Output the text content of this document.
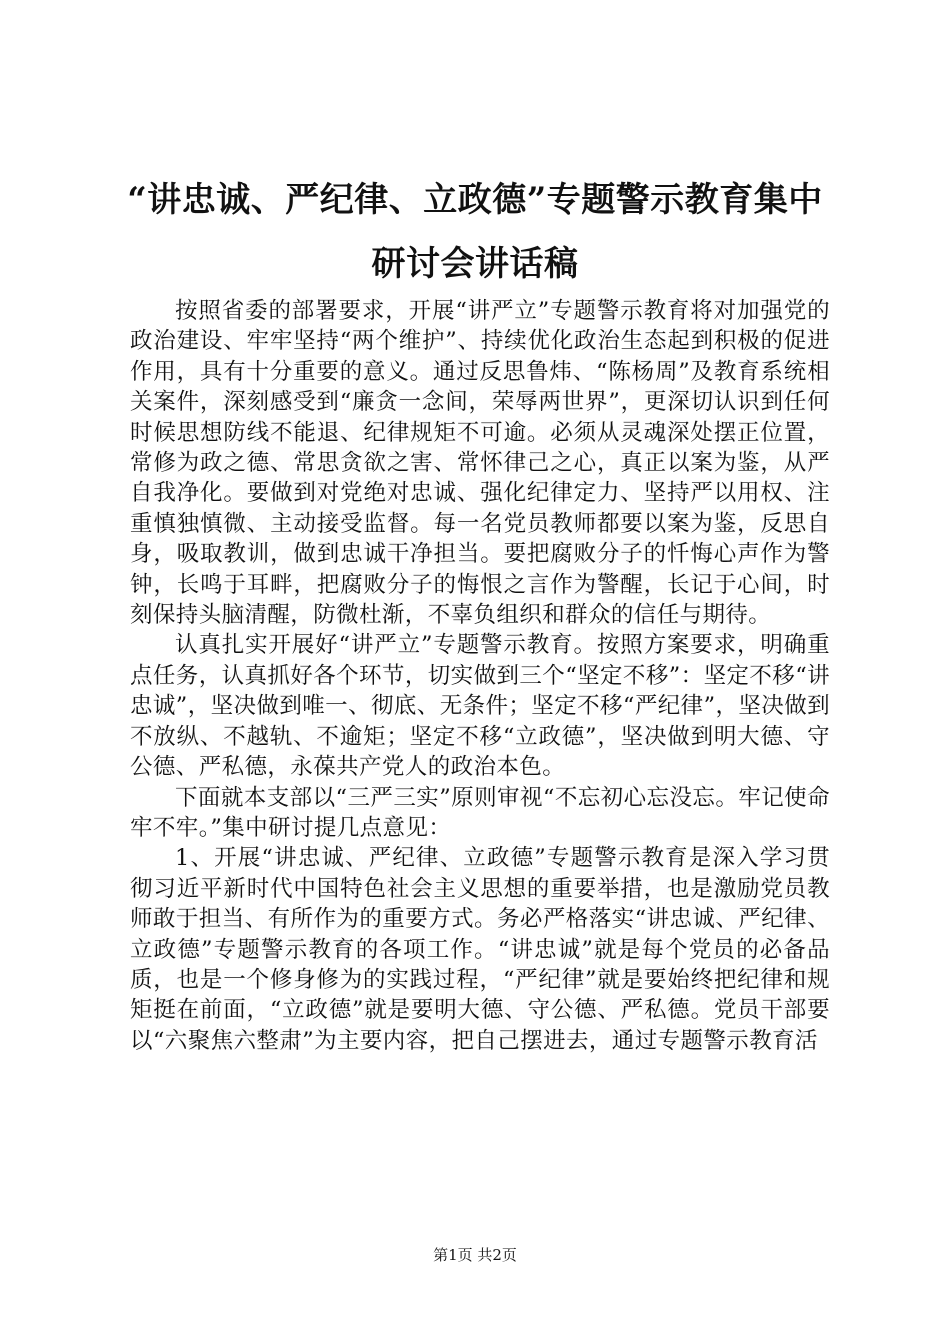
“讲忠诚、严纪律、立政德”专题警示教育集中研讨会讲话稿

按照省委的部署要求，开展“讲严立”专题警示教育将对加强党的政治建设、牢牢坚持“两个维护”、持续优化政治生态起到积极的促进作用，具有十分重要的意义。通过反思鲁炜、“陈杨周”及教育系统相关案件，深刻感受到“廉贪一念间，荣辱两世界”，更深切认识到任何时候思想防线不能退、纪律规矩不可逾。必须从灵魂深处摆正位置，常修为政之德、常思贪欲之害、常怀律己之心，真正以案为鉴，从严自我净化。要做到对党绝对忠诚、强化纪律定力、坚持严以用权、注重慎独慎微、主动接受监督。每一名党员教师都要以案为鉴，反思自身，吸取教训，做到忠诚干净担当。要把腐败分子的忏悔心声作为警钟，长鸣于耳畔，把腐败分子的悔恨之言作为警醒，长记于心间，时刻保持头脑清醒，防微杜渐，不辜负组织和群众的信任与期待。

认真扎实开展好“讲严立”专题警示教育。按照方案要求，明确重点任务，认真抓好各个环节，切实做到三个“坚定不移”：坚定不移“讲忠诚”，坚决做到唯一、彻底、无条件；坚定不移“严纪律”，坚决做到不放纵、不越轨、不逾矩；坚定不移“立政德”，坚决做到明大德、守公德、严私德，永葆共产党人的政治本色。

下面就本支部以“三严三实”原则审视“不忘初心忘没忘。牢记使命牢不牢。”集中研讨提几点意见：

1、开展“讲忠诚、严纪律、立政德”专题警示教育是深入学习贯彻习近平新时代中国特色社会主义思想的重要举措，也是激励党员教师敢于担当、有所作为的重要方式。务必严格落实“讲忠诚、严纪律、立政德”专题警示教育的各项工作。“讲忠诚”就是每个党员的必备品质，也是一个修身修为的实践过程，“严纪律”就是要始终把纪律和规矩挺在前面，“立政德”就是要明大德、守公德、严私德。党员干部要以“六聚焦六整肃”为主要内容，把自己摆进去，通过专题警示教育活

第1页 共2页
